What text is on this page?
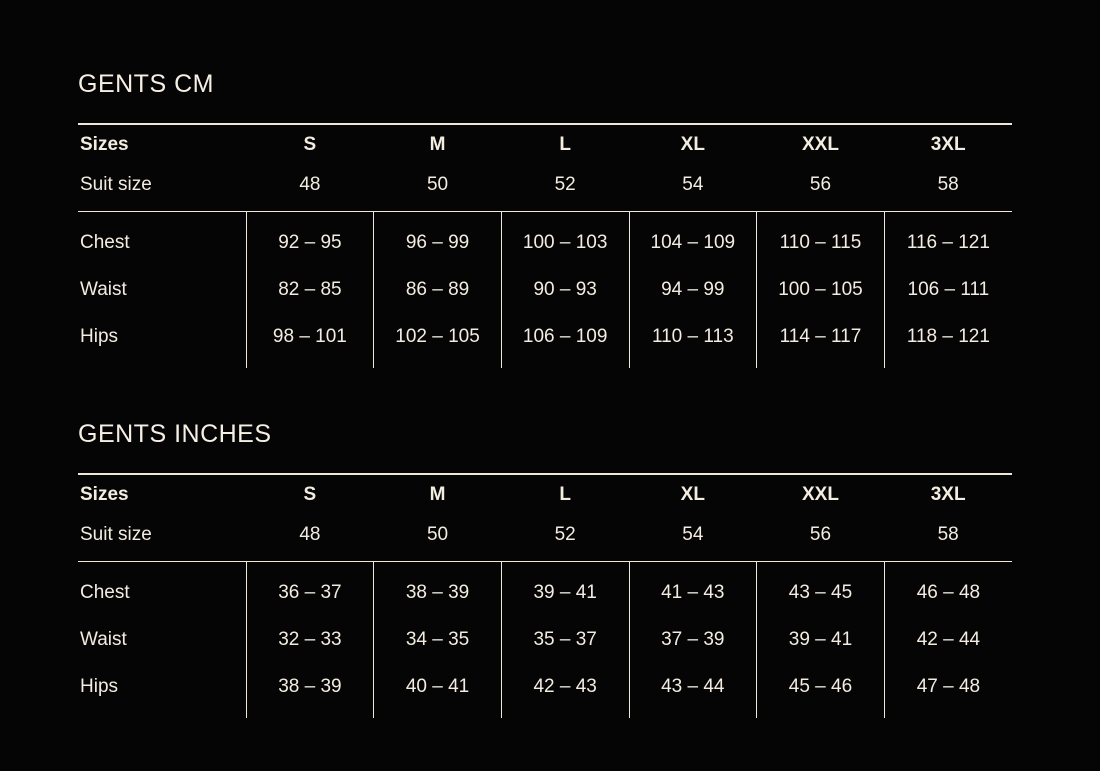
GENTS CM
Sizes	S	M	L	XL	XXL	3XL

Suit size	48	50	52	54	56	58

Chest	92 – 95	96 – 99	100 – 103	104 – 109	110 – 115	116 – 121

Waist	82 – 85	86 – 89	90 – 93	94 – 99	100 – 105	106 – 111

Hips	98 – 101	102 – 105	106 – 109	110 – 113	114 – 117	118 – 121
GENTS INCHES
Sizes	S	M	L	XL	XXL	3XL

Suit size	48	50	52	54	56	58

Chest	36 – 37	38 – 39	39 – 41	41 – 43	43 – 45	46 – 48

Waist	32 – 33	34 – 35	35 – 37	37 – 39	39 – 41	42 – 44

Hips	38 – 39	40 – 41	42 – 43	43 – 44	45 – 46	47 – 48
